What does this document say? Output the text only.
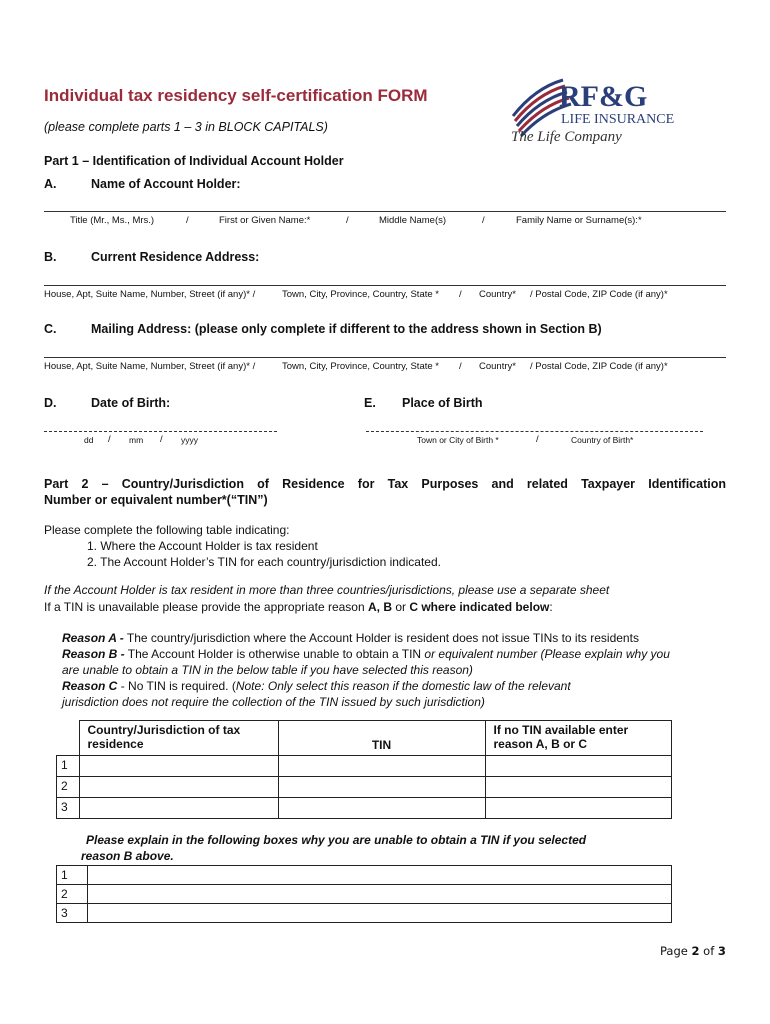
Individual tax residency self-certification FORM
(please complete parts 1 – 3 in BLOCK CAPITALS)
RF&G
LIFE INSURANCE
The Life Company
Part 1 – Identification of Individual Account Holder
A.	Name of Account Holder:
Title (Mr., Ms., Mrs.)	/	First or Given Name:*	/	Middle Name(s)	/	Family Name or Surname(s):*
B.	Current Residence Address:
House, Apt, Suite Name, Number, Street (if any)* /	Town, City, Province, Country, State * / Country* / Postal Code, ZIP Code (if any)*
C.	Mailing Address: (please only complete if different to the address shown in Section B)
House, Apt, Suite Name, Number, Street (if any)* /	Town, City, Province, Country, State * / Country* / Postal Code, ZIP Code (if any)*
D.	Date of Birth:	E. Place of Birth
dd / mm / yyyy	Town or City of Birth *	/	Country of Birth*
Part 2 – Country/Jurisdiction of Residence for Tax Purposes and related Taxpayer Identification
Number or equivalent number*(“TIN”)
Please complete the following table indicating:
1. Where the Account Holder is tax resident
2. The Account Holder’s TIN for each country/jurisdiction indicated.
If the Account Holder is tax resident in more than three countries/jurisdictions, please use a separate sheet
If a TIN is unavailable please provide the appropriate reason A, B or C where indicated below:
Reason A - The country/jurisdiction where the Account Holder is resident does not issue TINs to its residents
Reason B - The Account Holder is otherwise unable to obtain a TIN or equivalent number (Please explain why you
are unable to obtain a TIN in the below table if you have selected this reason)
Reason C - No TIN is required. (Note: Only select this reason if the domestic law of the relevant
jurisdiction does not require the collection of the TIN issued by such jurisdiction)
	Country/Jurisdiction of tax residence	TIN	If no TIN available enter reason A, B or C
1			
2			
3			
Please explain in the following boxes why you are unable to obtain a TIN if you selected
reason B above.
1	
2	
3	
Page 2 of 3
